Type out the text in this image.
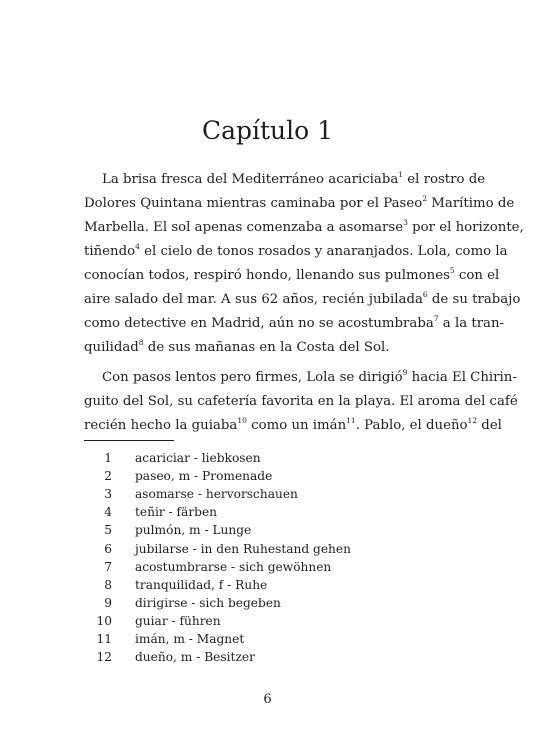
Capítulo 1
La brisa fresca del Mediterráneo acariciaba$^1$ el rostro de
Dolores Quintana mientras caminaba por el Paseo$^2$ Marítimo de
Marbella. El sol apenas comenzaba a asomarse$^3$ por el horizonte,
tiñendo$^4$ el cielo de tonos rosados y anaranjados. Lola, como la
conocían todos, respiró hondo, llenando sus pulmones$^5$ con el
aire salado del mar. A sus 62 años, recién jubilada$^6$ de su trabajo
como detective en Madrid, aún no se acostumbraba$^7$ a la tran-
quilidad$^8$ de sus mañanas en la Costa del Sol.
Con pasos lentos pero firmes, Lola se dirigió$^9$ hacia El Chirin-
guito del Sol, su cafetería favorita en la playa. El aroma del café
recién hecho la guiaba$^{10}$ como un imán$^{11}$. Pablo, el dueño$^{12}$ del
1 acariciar - liebkosen
2 paseo, m - Promenade
3 asomarse - hervorschauen
4 teñir - färben
5 pulmón, m - Lunge
6 jubilarse - in den Ruhestand gehen
7 acostumbrarse - sich gewöhnen
8 tranquilidad, f - Ruhe
9 dirigirse - sich begeben
10 guiar - führen
11 imán, m - Magnet
12 dueño, m - Besitzer
6
